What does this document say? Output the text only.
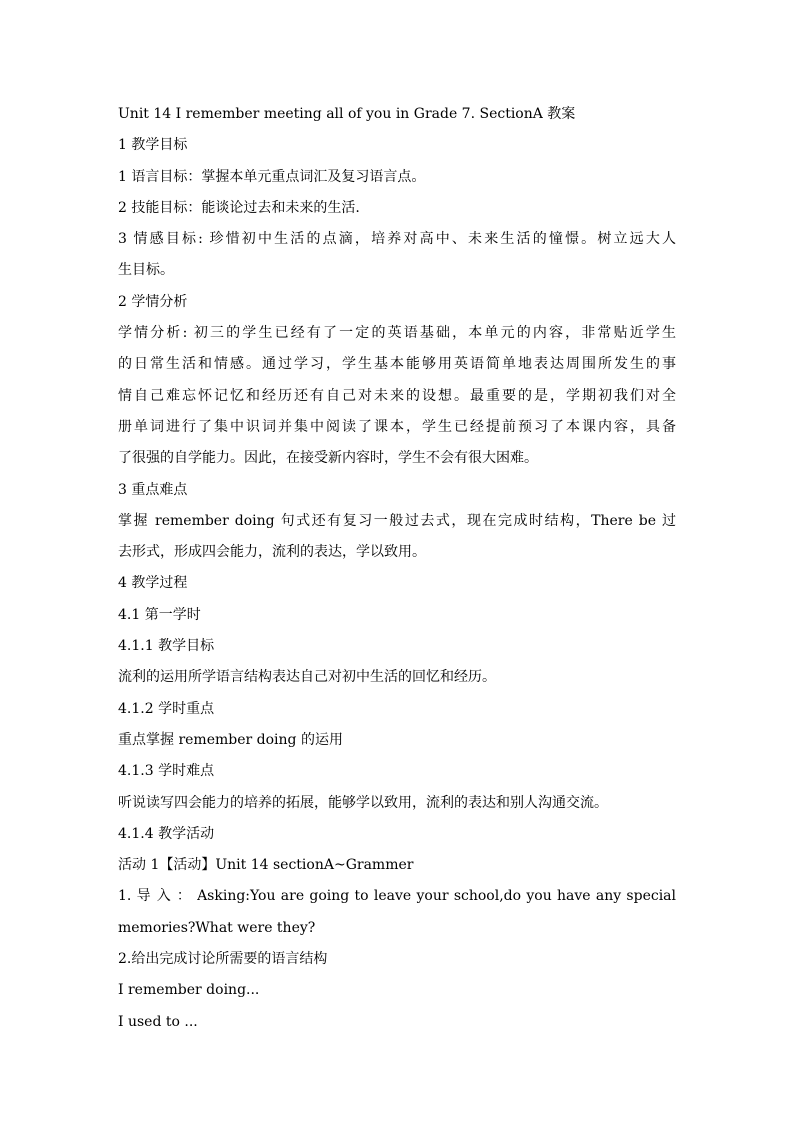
Unit 14 I remember meeting all of you in Grade 7. SectionA 教案
1 教学目标
1 语言目标：掌握本单元重点词汇及复习语言点。
2 技能目标：能谈论过去和未来的生活.
3 情感目标: 珍惜初中生活的点滴，培养对高中、未来生活的憧憬。树立远大人
生目标。
2 学情分析
学情分析: 初三的学生已经有了一定的英语基础，本单元的内容，非常贴近学生
的日常生活和情感。通过学习，学生基本能够用英语简单地表达周围所发生的事
情自己难忘怀记忆和经历还有自己对未来的设想。最重要的是，学期初我们对全
册单词进行了集中识词并集中阅读了课本，学生已经提前预习了本课内容，具备
了很强的自学能力。因此，在接受新内容时，学生不会有很大困难。
3 重点难点
掌握 remember doing 句式还有复习一般过去式，现在完成时结构，There be 过
去形式，形成四会能力，流利的表达，学以致用。
4 教学过程
4.1 第一学时
4.1.1 教学目标
流利的运用所学语言结构表达自己对初中生活的回忆和经历。
4.1.2 学时重点
重点掌握 remember doing 的运用
4.1.3 学时难点
听说读写四会能力的培养的拓展，能够学以致用，流利的表达和别人沟通交流。
4.1.4 教学活动
活动 1【活动】Unit 14 sectionA~Grammer
1. 导 入 ： Asking:You are going to leave your school,do you have any special
memories?What were they?
2.给出完成讨论所需要的语言结构
I remember doing...
I used to ...
